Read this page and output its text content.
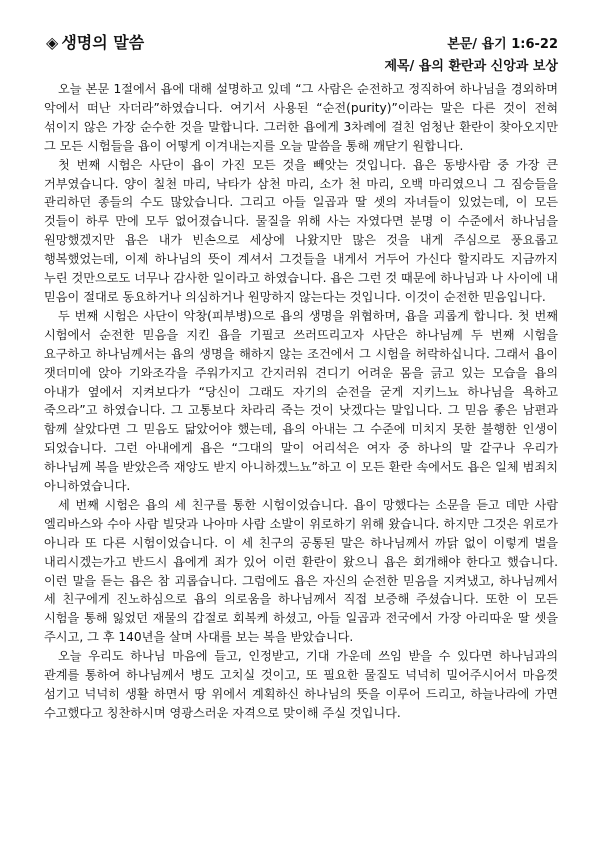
◈ 생명의 말씀	본문/ 욥기 1:6-22
제목/ 욥의 환란과 신앙과 보상

오늘 본문 1절에서 욥에 대해 설명하고 있데 “그 사람은 순전하고 정직하여 하나님을 경외하며 악에서 떠난 자더라”하였습니다. 여기서 사용된 “순전(purity)”이라는 말은 다른 것이 전혀 섞이지 않은 가장 순수한 것을 말합니다. 그러한 욥에게 3차례에 걸친 엄청난 환란이 찾아오지만 그 모든 시험들을 욥이 어떻게 이겨내는지를 오늘 말씀을 통해 깨닫기 원합니다.

첫 번째 시험은 사단이 욥이 가진 모든 것을 빼앗는 것입니다. 욥은 동방사람 중 가장 큰 거부였습니다. 양이 칠천 마리, 낙타가 삼천 마리, 소가 천 마리, 오백 마리였으니 그 짐승들을 관리하던 종들의 수도 많았습니다. 그리고 아들 일곱과 딸 셋의 자녀들이 있었는데, 이 모든 것들이 하루 만에 모두 없어졌습니다. 물질을 위해 사는 자였다면 분명 이 수준에서 하나님을 원망했겠지만 욥은 내가 빈손으로 세상에 나왔지만 많은 것을 내게 주심으로 풍요롭고 행복했었는데, 이제 하나님의 뜻이 계셔서 그것들을 내게서 거두어 가신다 할지라도 지금까지 누린 것만으로도 너무나 감사한 일이라고 하였습니다. 욥은 그런 것 때문에 하나님과 나 사이에 내 믿음이 절대로 동요하거나 의심하거나 원망하지 않는다는 것입니다. 이것이 순전한 믿음입니다.

두 번째 시험은 사단이 악창(피부병)으로 욥의 생명을 위협하며, 욥을 괴롭게 합니다. 첫 번째 시험에서 순전한 믿음을 지킨 욥을 기필코 쓰러뜨리고자 사단은 하나님께 두 번째 시험을 요구하고 하나님께서는 욥의 생명을 해하지 않는 조건에서 그 시험을 허락하십니다. 그래서 욥이 잿더미에 앉아 기와조각을 주워가지고 간지러워 견디기 어려운 몸을 긁고 있는 모습을 욥의 아내가 옆에서 지켜보다가 “당신이 그래도 자기의 순전을 굳게 지키느뇨 하나님을 욕하고 죽으라”고 하였습니다. 그 고통보다 차라리 죽는 것이 낫겠다는 말입니다. 그 믿음 좋은 남편과 함께 살았다면 그 믿음도 닮았어야 했는데, 욥의 아내는 그 수준에 미치지 못한 불행한 인생이 되었습니다. 그런 아내에게 욥은 “그대의 말이 어리석은 여자 중 하나의 말 같구나 우리가 하나님께 복을 받았은즉 재앙도 받지 아니하겠느뇨”하고 이 모든 환란 속에서도 욥은 일체 범죄치 아니하였습니다.

세 번째 시험은 욥의 세 친구를 통한 시험이었습니다. 욥이 망했다는 소문을 듣고 데만 사람 엘리바스와 수아 사람 빌닷과 나아마 사람 소발이 위로하기 위해 왔습니다. 하지만 그것은 위로가 아니라 또 다른 시험이었습니다. 이 세 친구의 공통된 말은 하나님께서 까닭 없이 이렇게 벌을 내리시겠는가고 반드시 욥에게 죄가 있어 이런 환란이 왔으니 욥은 회개해야 한다고 했습니다. 이런 말을 듣는 욥은 참 괴롭습니다. 그럼에도 욥은 자신의 순전한 믿음을 지켜냈고, 하나님께서 세 친구에게 진노하심으로 욥의 의로움을 하나님께서 직접 보증해 주셨습니다. 또한 이 모든 시험을 통해 잃었던 재물의 갑절로 회복케 하셨고, 아들 일곱과 전국에서 가장 아리따운 딸 셋을 주시고, 그 후 140년을 살며 사대를 보는 복을 받았습니다.

오늘 우리도 하나님 마음에 들고, 인정받고, 기대 가운데 쓰임 받을 수 있다면 하나님과의 관계를 통하여 하나님께서 병도 고치실 것이고, 또 필요한 물질도 넉넉히 밀어주시어서 마음껏 섬기고 넉넉히 생활 하면서 땅 위에서 계획하신 하나님의 뜻을 이루어 드리고, 하늘나라에 가면 수고했다고 칭찬하시며 영광스러운 자격으로 맞이해 주실 것입니다.
